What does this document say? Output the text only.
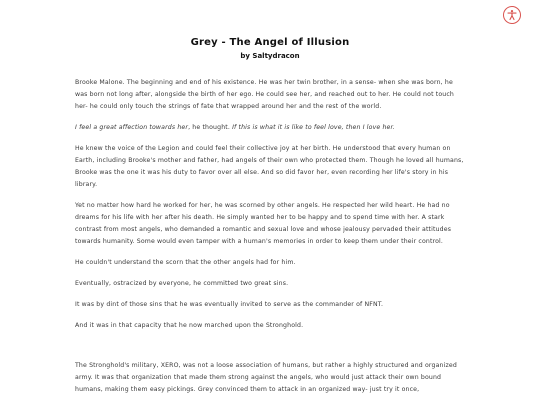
Grey - The Angel of Illusion
by Saltydracon

Brooke Malone. The beginning and end of his existence. He was her twin brother, in a sense- when she was born, he was born not long after, alongside the birth of her ego. He could see her, and reached out to her. He could not touch her- he could only touch the strings of fate that wrapped around her and the rest of the world.

I feel a great affection towards her, he thought. If this is what it is like to feel love, then I love her.

He knew the voice of the Legion and could feel their collective joy at her birth. He understood that every human on Earth, including Brooke's mother and father, had angels of their own who protected them. Though he loved all humans, Brooke was the one it was his duty to favor over all else. And so did favor her, even recording her life's story in his library.

Yet no matter how hard he worked for her, he was scorned by other angels. He respected her wild heart. He had no dreams for his life with her after his death. He simply wanted her to be happy and to spend time with her. A stark contrast from most angels, who demanded a romantic and sexual love and whose jealousy pervaded their attitudes towards humanity. Some would even tamper with a human's memories in order to keep them under their control.

He couldn't understand the scorn that the other angels had for him.

Eventually, ostracized by everyone, he committed two great sins.

It was by dint of those sins that he was eventually invited to serve as the commander of NFNT.

And it was in that capacity that he now marched upon the Stronghold.

The Stronghold's military, XERO, was not a loose association of humans, but rather a highly structured and organized army. It was that organization that made them strong against the angels, who would just attack their own bound humans, making them easy pickings. Grey convinced them to attack in an organized way- just try it once,
